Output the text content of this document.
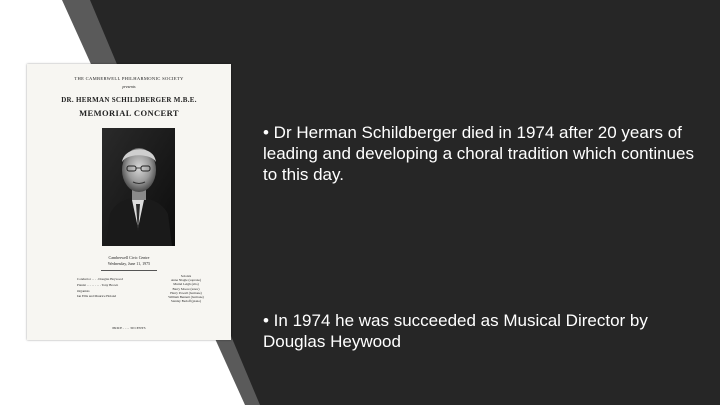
THE CAMBERWELL PHILHARMONIC SOCIETY
presents
DR. HERMAN SCHILDBERGER M.B.E.
MEMORIAL CONCERT
Camberwell Civic Centre
Wednesday, June 11, 1975
Conductor . . . . Douglas Heywood
Pianist . . . . . . . . . Tony Brown
Organists
Ian Ellis and Maurice Holand
Soloists
Anne Niagle (soprano)
Muriel Leigh (alto)
Barry Moore (tenor)
Harry Powell (baritone)
William Bennett (baritone)
Stanley Bedoff (piano)
PRICE . . . . 30 CENTS
• Dr Herman Schildberger died in 1974 after 20 years of leading and developing a choral tradition which continues to this day.
• In 1974 he was succeeded as Musical Director by Douglas Heywood
